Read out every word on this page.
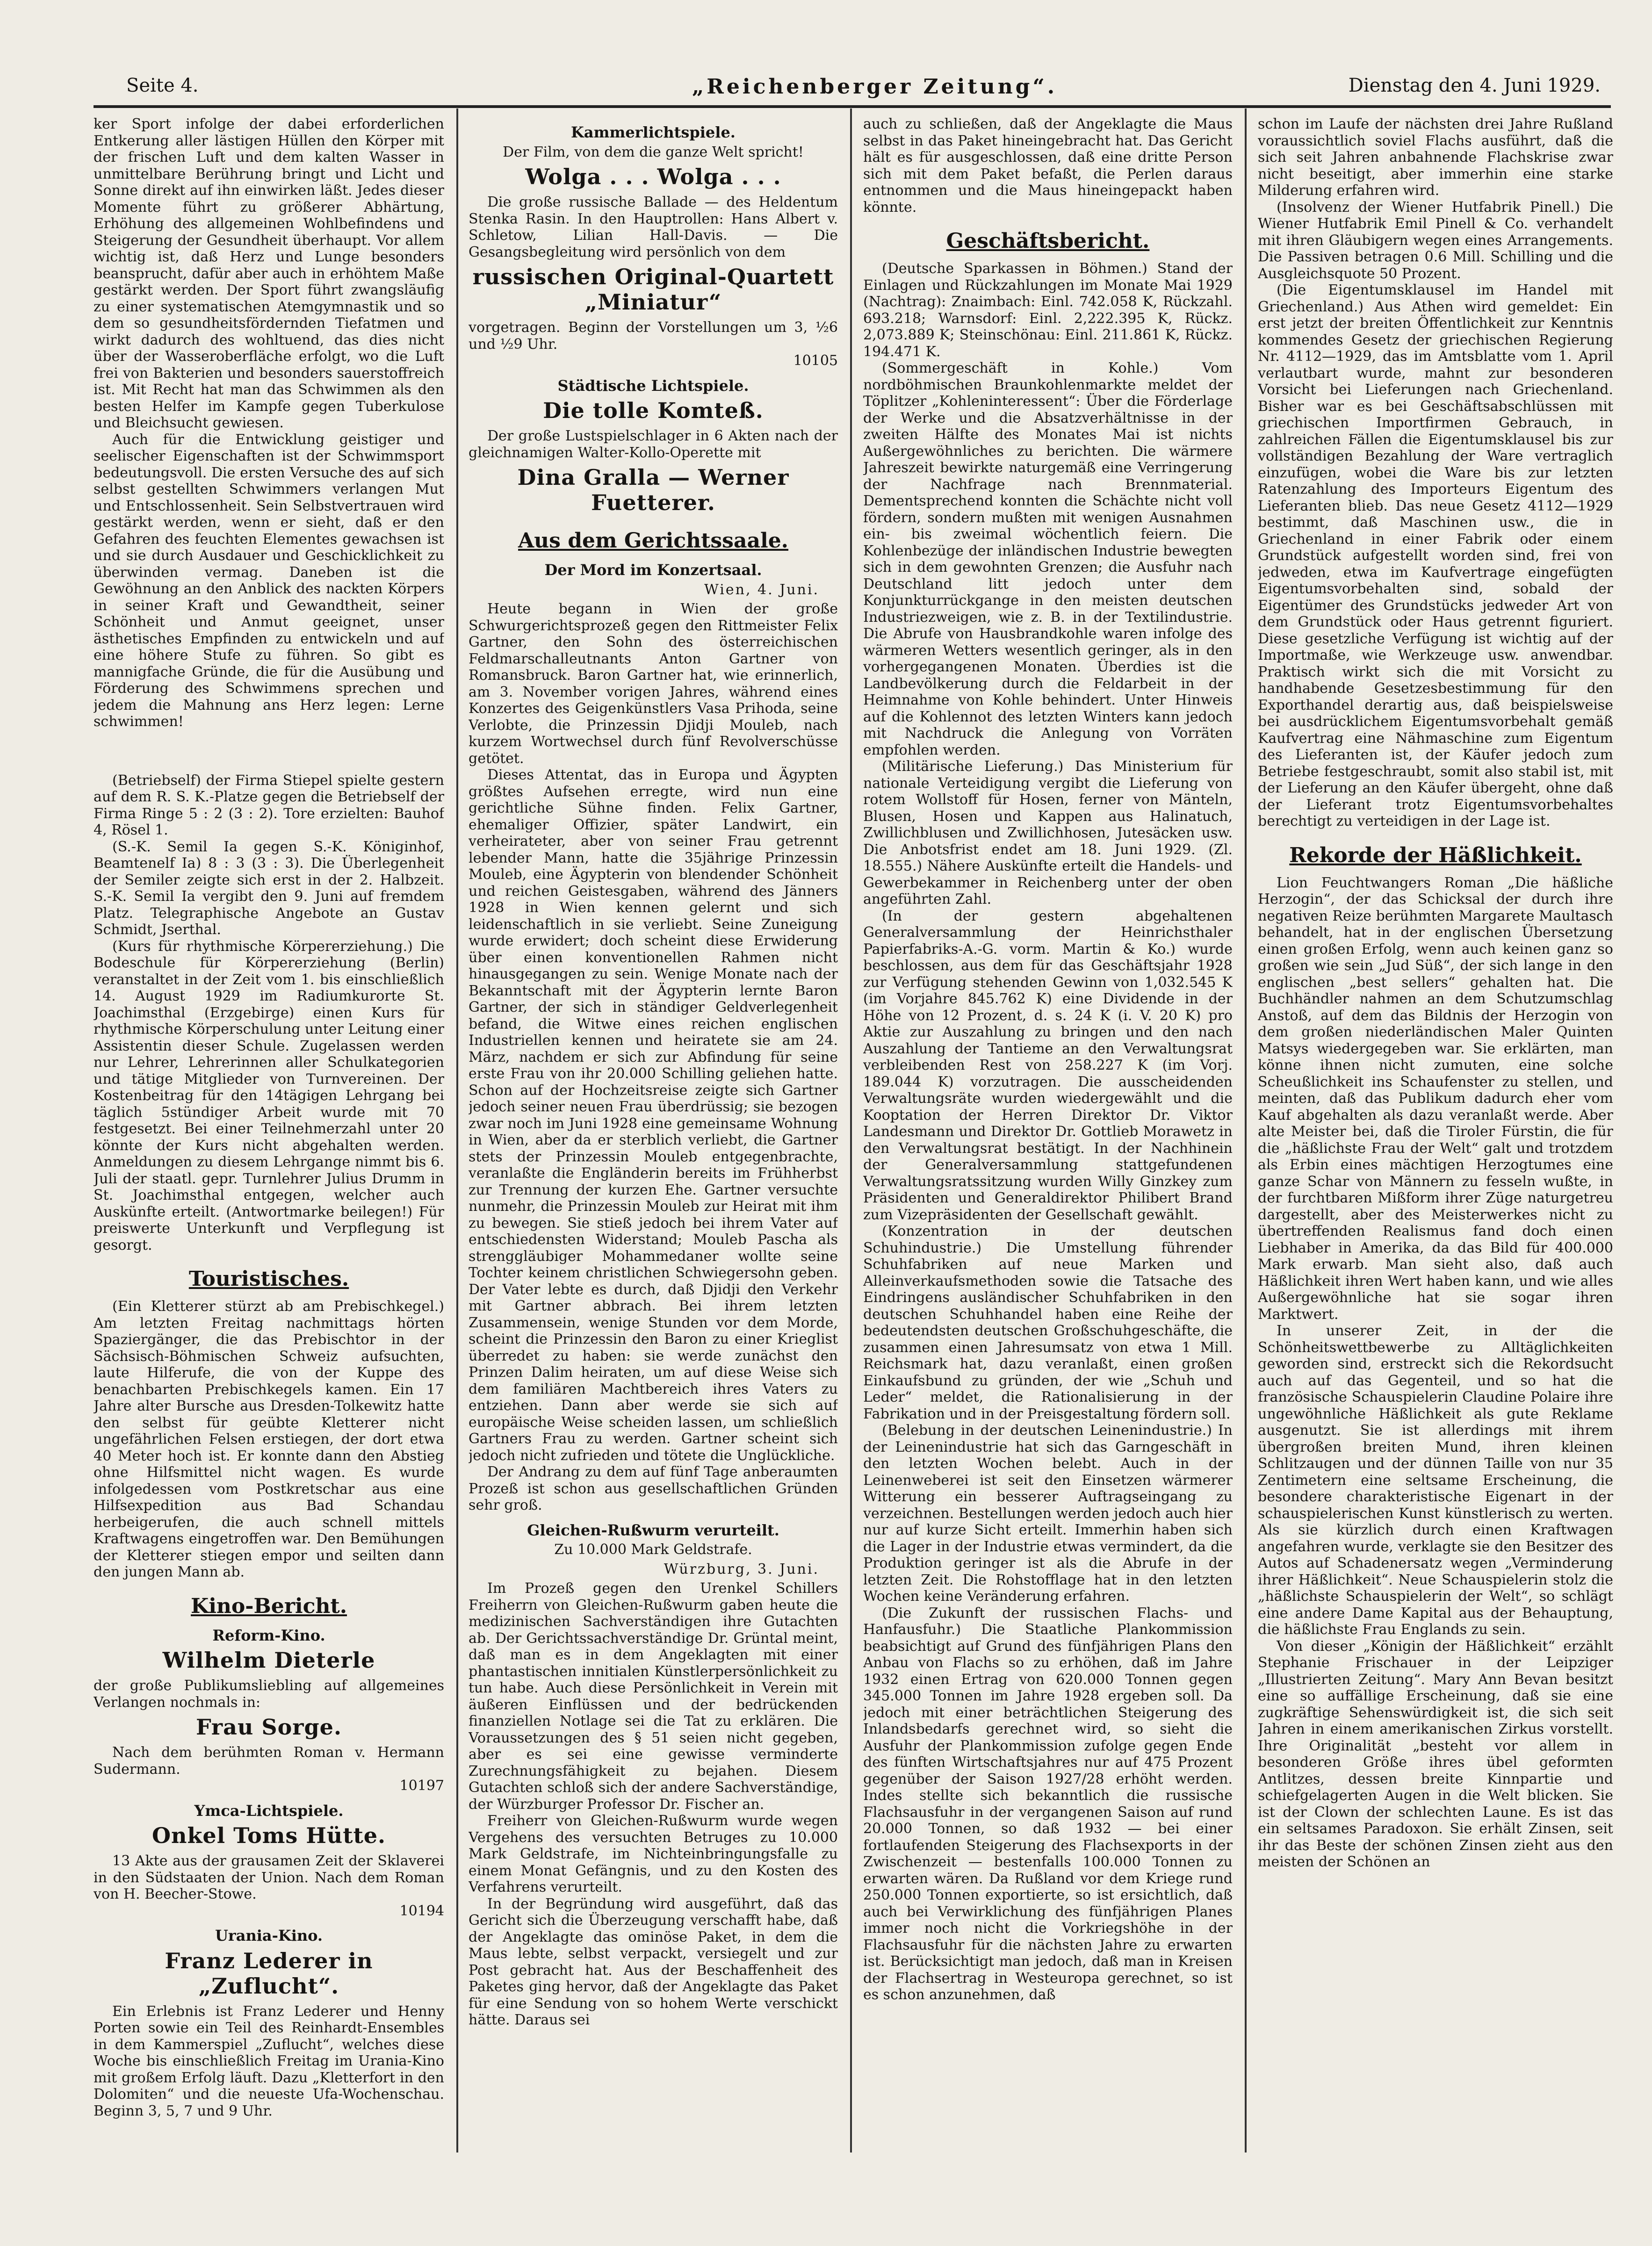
Seite 4.	„Reichenberger Zeitung“.	Dienstag den 4. Juni 1929.

ker Sport infolge der dabei erforderlichen Entkerung aller lästigen Hüllen den Körper mit der frischen Luft und dem kalten Wasser in unmittelbare Berührung bringt und Licht und Sonne direkt auf ihn einwirken läßt. Jedes dieser Momente führt zu größerer Abhärtung, Erhöhung des allgemeinen Wohlbefindens und Steigerung der Gesundheit überhaupt. Vor allem wichtig ist, daß Herz und Lunge besonders beansprucht, dafür aber auch in erhöhtem Maße gestärkt werden. Der Sport führt zwangsläufig zu einer systematischen Atemgymnastik und so dem so gesundheitsfördernden Tiefatmen und wirkt dadurch des wohltuend, das dies nicht über der Wasseroberfläche erfolgt, wo die Luft frei von Bakterien und besonders sauerstoffreich ist. Mit Recht hat man das Schwimmen als den besten Helfer im Kampfe gegen Tuberkulose und Bleichsucht gewiesen.

Auch für die Entwicklung geistiger und seelischer Eigenschaften ist der Schwimmsport bedeutungsvoll. Die ersten Versuche des auf sich selbst gestellten Schwimmers verlangen Mut und Entschlossenheit. Sein Selbstvertrauen wird gestärkt werden, wenn er sieht, daß er den Gefahren des feuchten Elementes gewachsen ist und sie durch Ausdauer und Geschicklichkeit zu überwinden vermag. Daneben ist die Gewöhnung an den Anblick des nackten Körpers in seiner Kraft und Gewandtheit, seiner Schönheit und Anmut geeignet, unser ästhetisches Empfinden zu entwickeln und auf eine höhere Stufe zu führen. So gibt es mannigfache Gründe, die für die Ausübung und Förderung des Schwimmens sprechen und jedem die Mahnung ans Herz legen: Lerne schwimmen!

(Betriebself) der Firma Stiepel spielte gestern auf dem R. S. K.-Platze gegen die Betriebself der Firma Ringe 5 : 2 (3 : 2). Tore erzielten: Bauhof 4, Rösel 1.

(S.-K. Semil Ia gegen S.-K. Königinhof, Beamtenelf Ia) 8 : 3 (3 : 3). Die Überlegenheit der Semiler zeigte sich erst in der 2. Halbzeit. S.-K. Semil Ia vergibt den 9. Juni auf fremdem Platz. Telegraphische Angebote an Gustav Schmidt, Jserthal.

(Kurs für rhythmische Körpererziehung.) Die Bodeschule für Körpererziehung (Berlin) veranstaltet in der Zeit vom 1. bis einschließlich 14. August 1929 im Radiumkurorte St. Joachimsthal (Erzgebirge) einen Kurs für rhythmische Körperschulung unter Leitung einer Assistentin dieser Schule. Zugelassen werden nur Lehrer, Lehrerinnen aller Schulkategorien und tätige Mitglieder von Turnvereinen. Der Kostenbeitrag für den 14tägigen Lehrgang bei täglich 5stündiger Arbeit wurde mit 70 festgesetzt. Bei einer Teilnehmerzahl unter 20 könnte der Kurs nicht abgehalten werden. Anmeldungen zu diesem Lehrgange nimmt bis 6. Juli der staatl. gepr. Turnlehrer Julius Drumm in St. Joachimsthal entgegen, welcher auch Auskünfte erteilt. (Antwortmarke beilegen!) Für preiswerte Unterkunft und Verpflegung ist gesorgt.

Touristisches.

(Ein Kletterer stürzt ab am Prebischkegel.) Am letzten Freitag nachmittags hörten Spaziergänger, die das Prebischtor in der Sächsisch-Böhmischen Schweiz aufsuchten, laute Hilferufe, die von der Kuppe des benachbarten Prebischkegels kamen. Ein 17 Jahre alter Bursche aus Dresden-Tolkewitz hatte den selbst für geübte Kletterer nicht ungefährlichen Felsen erstiegen, der dort etwa 40 Meter hoch ist. Er konnte dann den Abstieg ohne Hilfsmittel nicht wagen. Es wurde infolgedessen vom Postkretschar aus eine Hilfsexpedition aus Bad Schandau herbeigerufen, die auch schnell mittels Kraftwagens eingetroffen war. Den Bemühungen der Kletterer stiegen empor und seilten dann den jungen Mann ab.

Kino-Bericht.
Reform-Kino.
Wilhelm Dieterle

der große Publikumsliebling auf allgemeines Verlangen nochmals in:

Frau Sorge.

Nach dem berühmten Roman v. Hermann Sudermann.

10197
Ymca-Lichtspiele.
Onkel Toms Hütte.

13 Akte aus der grausamen Zeit der Sklaverei in den Südstaaten der Union. Nach dem Roman von H. Beecher-Stowe.

10194
Urania-Kino.
Franz Lederer in „Zuflucht“.

Ein Erlebnis ist Franz Lederer und Henny Porten sowie ein Teil des Reinhardt-Ensembles in dem Kammerspiel „Zuflucht“, welches diese Woche bis einschließlich Freitag im Urania-Kino mit großem Erfolg läuft. Dazu „Kletterfort in den Dolomiten“ und die neueste Ufa-Wochenschau. Beginn 3, 5, 7 und 9 Uhr.

Kammerlichtspiele.
Der Film, von dem die ganze Welt spricht!
Wolga . . . Wolga . . .

Die große russische Ballade — des Heldentum Stenka Rasin. In den Hauptrollen: Hans Albert v. Schletow, Lilian Hall-Davis. — Die Gesangsbegleitung wird persönlich von dem

russischen Original-Quartett „Miniatur“

vorgetragen. Beginn der Vorstellungen um 3, ½6 und ½9 Uhr.

10105
Städtische Lichtspiele.
Die tolle Komteß.

Der große Lustspielschlager in 6 Akten nach der gleichnamigen Walter-Kollo-Operette mit

Dina Gralla — Werner Fuetterer.
Aus dem Gerichtssaale.
Der Mord im Konzertsaal.
Wien, 4. Juni.

Heute begann in Wien der große Schwurgerichtsprozeß gegen den Rittmeister Felix Gartner, den Sohn des österreichischen Feldmarschalleutnants Anton Gartner von Romansbruck. Baron Gartner hat, wie erinnerlich, am 3. November vorigen Jahres, während eines Konzertes des Geigenkünstlers Vasa Prihoda, seine Verlobte, die Prinzessin Djidji Mouleb, nach kurzem Wortwechsel durch fünf Revolverschüsse getötet.

Dieses Attentat, das in Europa und Ägypten größtes Aufsehen erregte, wird nun eine gerichtliche Sühne finden. Felix Gartner, ehemaliger Offizier, später Landwirt, ein verheirateter, aber von seiner Frau getrennt lebender Mann, hatte die 35jährige Prinzessin Mouleb, eine Ägypterin von blendender Schönheit und reichen Geistesgaben, während des Jänners 1928 in Wien kennen gelernt und sich leidenschaftlich in sie verliebt. Seine Zuneigung wurde erwidert; doch scheint diese Erwiderung über einen konventionellen Rahmen nicht hinausgegangen zu sein. Wenige Monate nach der Bekanntschaft mit der Ägypterin lernte Baron Gartner, der sich in ständiger Geldverlegenheit befand, die Witwe eines reichen englischen Industriellen kennen und heiratete sie am 24. März, nachdem er sich zur Abfindung für seine erste Frau von ihr 20.000 Schilling geliehen hatte. Schon auf der Hochzeitsreise zeigte sich Gartner jedoch seiner neuen Frau überdrüssig; sie bezogen zwar noch im Juni 1928 eine gemeinsame Wohnung in Wien, aber da er sterblich verliebt, die Gartner stets der Prinzessin Mouleb entgegenbrachte, veranlaßte die Engländerin bereits im Frühherbst zur Trennung der kurzen Ehe. Gartner versuchte nunmehr, die Prinzessin Mouleb zur Heirat mit ihm zu bewegen. Sie stieß jedoch bei ihrem Vater auf entschiedensten Widerstand; Mouleb Pascha als strenggläubiger Mohammedaner wollte seine Tochter keinem christlichen Schwiegersohn geben. Der Vater lebte es durch, daß Djidji den Verkehr mit Gartner abbrach. Bei ihrem letzten Zusammensein, wenige Stunden vor dem Morde, scheint die Prinzessin den Baron zu einer Krieglist überredet zu haben: sie werde zunächst den Prinzen Dalim heiraten, um auf diese Weise sich dem familiären Machtbereich ihres Vaters zu entziehen. Dann aber werde sie sich auf europäische Weise scheiden lassen, um schließlich Gartners Frau zu werden. Gartner scheint sich jedoch nicht zufrieden und tötete die Unglückliche.

Der Andrang zu dem auf fünf Tage anberaumten Prozeß ist schon aus gesellschaftlichen Gründen sehr groß.

Gleichen-Rußwurm verurteilt.
Zu 10.000 Mark Geldstrafe.
Würzburg, 3. Juni.

Im Prozeß gegen den Urenkel Schillers Freiherrn von Gleichen-Rußwurm gaben heute die medizinischen Sachverständigen ihre Gutachten ab. Der Gerichtssachverständige Dr. Grüntal meint, daß man es in dem Angeklagten mit einer phantastischen innitialen Künstlerpersönlichkeit zu tun habe. Auch diese Persönlichkeit in Verein mit äußeren Einflüssen und der bedrückenden finanziellen Notlage sei die Tat zu erklären. Die Voraussetzungen des § 51 seien nicht gegeben, aber es sei eine gewisse verminderte Zurechnungsfähigkeit zu bejahen. Diesem Gutachten schloß sich der andere Sachverständige, der Würzburger Professor Dr. Fischer an.

Freiherr von Gleichen-Rußwurm wurde wegen Vergehens des versuchten Betruges zu 10.000 Mark Geldstrafe, im Nichteinbringungsfalle zu einem Monat Gefängnis, und zu den Kosten des Verfahrens verurteilt.

In der Begründung wird ausgeführt, daß das Gericht sich die Überzeugung verschafft habe, daß der Angeklagte das ominöse Paket, in dem die Maus lebte, selbst verpackt, versiegelt und zur Post gebracht hat. Aus der Beschaffenheit des Paketes ging hervor, daß der Angeklagte das Paket für eine Sendung von so hohem Werte verschickt hätte. Daraus sei

auch zu schließen, daß der Angeklagte die Maus selbst in das Paket hineingebracht hat. Das Gericht hält es für ausgeschlossen, daß eine dritte Person sich mit dem Paket befaßt, die Perlen daraus entnommen und die Maus hineingepackt haben könnte.

Geschäftsbericht.

(Deutsche Sparkassen in Böhmen.) Stand der Einlagen und Rückzahlungen im Monate Mai 1929 (Nachtrag): Znaimbach: Einl. 742.058 K, Rückzahl. 693.218; Warnsdorf: Einl. 2,222.395 K, Rückz. 2,073.889 K; Steinschönau: Einl. 211.861 K, Rückz. 194.471 K.

(Sommergeschäft in Kohle.) Vom nordböhmischen Braunkohlenmarkte meldet der Töplitzer „Kohleninteressent“: Über die Förderlage der Werke und die Absatzverhältnisse in der zweiten Hälfte des Monates Mai ist nichts Außergewöhnliches zu berichten. Die wärmere Jahreszeit bewirkte naturgemäß eine Verringerung der Nachfrage nach Brennmaterial. Dementsprechend konnten die Schächte nicht voll fördern, sondern mußten mit wenigen Ausnahmen ein- bis zweimal wöchentlich feiern. Die Kohlenbezüge der inländischen Industrie bewegten sich in dem gewohnten Grenzen; die Ausfuhr nach Deutschland litt jedoch unter dem Konjunkturrückgange in den meisten deutschen Industriezweigen, wie z. B. in der Textilindustrie. Die Abrufe von Hausbrandkohle waren infolge des wärmeren Wetters wesentlich geringer, als in den vorhergegangenen Monaten. Überdies ist die Landbevölkerung durch die Feldarbeit in der Heimnahme von Kohle behindert. Unter Hinweis auf die Kohlennot des letzten Winters kann jedoch mit Nachdruck die Anlegung von Vorräten empfohlen werden.

(Militärische Lieferung.) Das Ministerium für nationale Verteidigung vergibt die Lieferung von rotem Wollstoff für Hosen, ferner von Mänteln, Blusen, Hosen und Kappen aus Halinatuch, Zwillichblusen und Zwillichhosen, Jutesäcken usw. Die Anbotsfrist endet am 18. Juni 1929. (Zl. 18.555.) Nähere Auskünfte erteilt die Handels- und Gewerbekammer in Reichenberg unter der oben angeführten Zahl.

(In der gestern abgehaltenen Generalversammlung der Heinrichsthaler Papierfabriks-A.-G. vorm. Martin & Ko.) wurde beschlossen, aus dem für das Geschäftsjahr 1928 zur Verfügung stehenden Gewinn von 1,032.545 K (im Vorjahre 845.762 K) eine Dividende in der Höhe von 12 Prozent, d. s. 24 K (i. V. 20 K) pro Aktie zur Auszahlung zu bringen und den nach Auszahlung der Tantieme an den Verwaltungsrat verbleibenden Rest von 258.227 K (im Vorj. 189.044 K) vorzutragen. Die ausscheidenden Verwaltungsräte wurden wiedergewählt und die Kooptation der Herren Direktor Dr. Viktor Landesmann und Direktor Dr. Gottlieb Morawetz in den Verwaltungsrat bestätigt. In der Nachhinein der Generalversammlung stattgefundenen Verwaltungsratssitzung wurden Willy Ginzkey zum Präsidenten und Generaldirektor Philibert Brand zum Vizepräsidenten der Gesellschaft gewählt.

(Konzentration in der deutschen Schuhindustrie.) Die Umstellung führender Schuhfabriken auf neue Marken und Alleinverkaufsmethoden sowie die Tatsache des Eindringens ausländischer Schuhfabriken in den deutschen Schuhhandel haben eine Reihe der bedeutendsten deutschen Großschuhgeschäfte, die zusammen einen Jahresumsatz von etwa 1 Mill. Reichsmark hat, dazu veranlaßt, einen großen Einkaufsbund zu gründen, der wie „Schuh und Leder“ meldet, die Rationalisierung in der Fabrikation und in der Preisgestaltung fördern soll.

(Belebung in der deutschen Leinenindustrie.) In der Leinenindustrie hat sich das Garngeschäft in den letzten Wochen belebt. Auch in der Leinenweberei ist seit den Einsetzen wärmerer Witterung ein besserer Auftragseingang zu verzeichnen. Bestellungen werden jedoch auch hier nur auf kurze Sicht erteilt. Immerhin haben sich die Lager in der Industrie etwas vermindert, da die Produktion geringer ist als die Abrufe in der letzten Zeit. Die Rohstofflage hat in den letzten Wochen keine Veränderung erfahren.

(Die Zukunft der russischen Flachs- und Hanfausfuhr.) Die Staatliche Plankommission beabsichtigt auf Grund des fünfjährigen Plans den Anbau von Flachs so zu erhöhen, daß im Jahre 1932 einen Ertrag von 620.000 Tonnen gegen 345.000 Tonnen im Jahre 1928 ergeben soll. Da jedoch mit einer beträchtlichen Steigerung des Inlandsbedarfs gerechnet wird, so sieht die Ausfuhr der Plankommission zufolge gegen Ende des fünften Wirtschaftsjahres nur auf 475 Prozent gegenüber der Saison 1927/28 erhöht werden. Indes stellte sich bekanntlich die russische Flachsausfuhr in der vergangenen Saison auf rund 20.000 Tonnen, so daß 1932 — bei einer fortlaufenden Steigerung des Flachsexports in der Zwischenzeit — bestenfalls 100.000 Tonnen zu erwarten wären. Da Rußland vor dem Kriege rund 250.000 Tonnen exportierte, so ist ersichtlich, daß auch bei Verwirklichung des fünfjährigen Planes immer noch nicht die Vorkriegshöhe in der Flachsausfuhr für die nächsten Jahre zu erwarten ist. Berücksichtigt man jedoch, daß man in Kreisen der Flachsertrag in Westeuropa gerechnet, so ist es schon anzunehmen, daß

schon im Laufe der nächsten drei Jahre Rußland voraussichtlich soviel Flachs ausführt, daß die sich seit Jahren anbahnende Flachskrise zwar nicht beseitigt, aber immerhin eine starke Milderung erfahren wird.

(Insolvenz der Wiener Hutfabrik Pinell.) Die Wiener Hutfabrik Emil Pinell & Co. verhandelt mit ihren Gläubigern wegen eines Arrangements. Die Passiven betragen 0.6 Mill. Schilling und die Ausgleichsquote 50 Prozent.

(Die Eigentumsklausel im Handel mit Griechenland.) Aus Athen wird gemeldet: Ein erst jetzt der breiten Öffentlichkeit zur Kenntnis kommendes Gesetz der griechischen Regierung Nr. 4112—1929, das im Amtsblatte vom 1. April verlautbart wurde, mahnt zur besonderen Vorsicht bei Lieferungen nach Griechenland. Bisher war es bei Geschäftsabschlüssen mit griechischen Importfirmen Gebrauch, in zahlreichen Fällen die Eigentumsklausel bis zur vollständigen Bezahlung der Ware vertraglich einzufügen, wobei die Ware bis zur letzten Ratenzahlung des Importeurs Eigentum des Lieferanten blieb. Das neue Gesetz 4112—1929 bestimmt, daß Maschinen usw., die in Griechenland in einer Fabrik oder einem Grundstück aufgestellt worden sind, frei von jedweden, etwa im Kaufvertrage eingefügten Eigentumsvorbehalten sind, sobald der Eigentümer des Grundstücks jedweder Art von dem Grundstück oder Haus getrennt figuriert. Diese gesetzliche Verfügung ist wichtig auf der Importmaße, wie Werkzeuge usw. anwendbar. Praktisch wirkt sich die mit Vorsicht zu handhabende Gesetzesbestimmung für den Exporthandel derartig aus, daß beispielsweise bei ausdrücklichem Eigentumsvorbehalt gemäß Kaufvertrag eine Nähmaschine zum Eigentum des Lieferanten ist, der Käufer jedoch zum Betriebe festgeschraubt, somit also stabil ist, mit der Lieferung an den Käufer übergeht, ohne daß der Lieferant trotz Eigentumsvorbehaltes berechtigt zu verteidigen in der Lage ist.

Rekorde der Häßlichkeit.

Lion Feuchtwangers Roman „Die häßliche Herzogin“, der das Schicksal der durch ihre negativen Reize berühmten Margarete Maultasch behandelt, hat in der englischen Übersetzung einen großen Erfolg, wenn auch keinen ganz so großen wie sein „Jud Süß“, der sich lange in den englischen „best sellers“ gehalten hat. Die Buchhändler nahmen an dem Schutzumschlag Anstoß, auf dem das Bildnis der Herzogin von dem großen niederländischen Maler Quinten Matsys wiedergegeben war. Sie erklärten, man könne ihnen nicht zumuten, eine solche Scheußlichkeit ins Schaufenster zu stellen, und meinten, daß das Publikum dadurch eher vom Kauf abgehalten als dazu veranlaßt werde. Aber alte Meister bei, daß die Tiroler Fürstin, die für die „häßlichste Frau der Welt“ galt und trotzdem als Erbin eines mächtigen Herzogtumes eine ganze Schar von Männern zu fesseln wußte, in der furchtbaren Mißform ihrer Züge naturgetreu dargestellt, aber des Meisterwerkes nicht zu übertreffenden Realismus fand doch einen Liebhaber in Amerika, da das Bild für 400.000 Mark erwarb. Man sieht also, daß auch Häßlichkeit ihren Wert haben kann, und wie alles Außergewöhnliche hat sie sogar ihren Marktwert.

In unserer Zeit, in der die Schönheitswettbewerbe zu Alltäglichkeiten geworden sind, erstreckt sich die Rekordsucht auch auf das Gegenteil, und so hat die französische Schauspielerin Claudine Polaire ihre ungewöhnliche Häßlichkeit als gute Reklame ausgenutzt. Sie ist allerdings mit ihrem übergroßen breiten Mund, ihren kleinen Schlitzaugen und der dünnen Taille von nur 35 Zentimetern eine seltsame Erscheinung, die besondere charakteristische Eigenart in der schauspielerischen Kunst künstlerisch zu werten. Als sie kürzlich durch einen Kraftwagen angefahren wurde, verklagte sie den Besitzer des Autos auf Schadenersatz wegen „Verminderung ihrer Häßlichkeit“. Neue Schauspielerin stolz die „häßlichste Schauspielerin der Welt“, so schlägt eine andere Dame Kapital aus der Behauptung, die häßlichste Frau Englands zu sein.

Von dieser „Königin der Häßlichkeit“ erzählt Stephanie Frischauer in der Leipziger „Illustrierten Zeitung“. Mary Ann Bevan besitzt eine so auffällige Erscheinung, daß sie eine zugkräftige Sehenswürdigkeit ist, die sich seit Jahren in einem amerikanischen Zirkus vorstellt. Ihre Originalität „besteht vor allem in besonderen Größe ihres übel geformten Antlitzes, dessen breite Kinnpartie und schiefgelagerten Augen in die Welt blicken. Sie ist der Clown der schlechten Laune. Es ist das ein seltsames Paradoxon. Sie erhält Zinsen, seit ihr das Beste der schönen Zinsen zieht aus den meisten der Schönen an
